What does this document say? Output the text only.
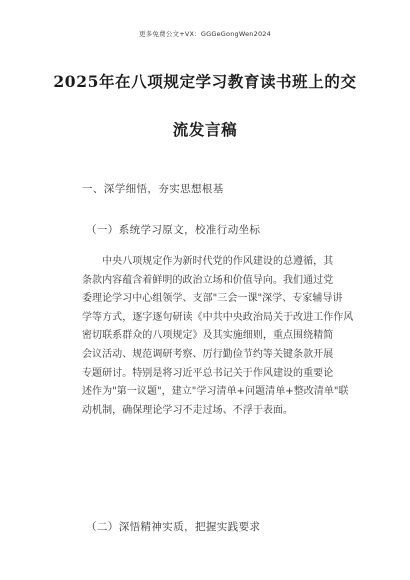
更多免费公文+VX：GGGeGongWen2024
2025年在八项规定学习教育读书班上的交
流发言稿
一、深学细悟，夯实思想根基
（一）系统学习原文，校准行动坐标
　　中央八项规定作为新时代党的作风建设的总遵循，其
条款内容蕴含着鲜明的政治立场和价值导向。我们通过党
委理论学习中心组领学、支部"三会一课"深学、专家辅导讲
学等方式，逐字逐句研读《中共中央政治局关于改进工作作风
密切联系群众的八项规定》及其实施细则，重点围绕精简
会议活动、规范调研考察、厉行勤俭节约等关键条款开展
专题研讨。特别是将习近平总书记关于作风建设的重要论
述作为"第一议题"，建立"学习清单+问题清单+整改清单"联
动机制，确保理论学习不走过场、不浮于表面。
（二）深悟精神实质，把握实践要求
